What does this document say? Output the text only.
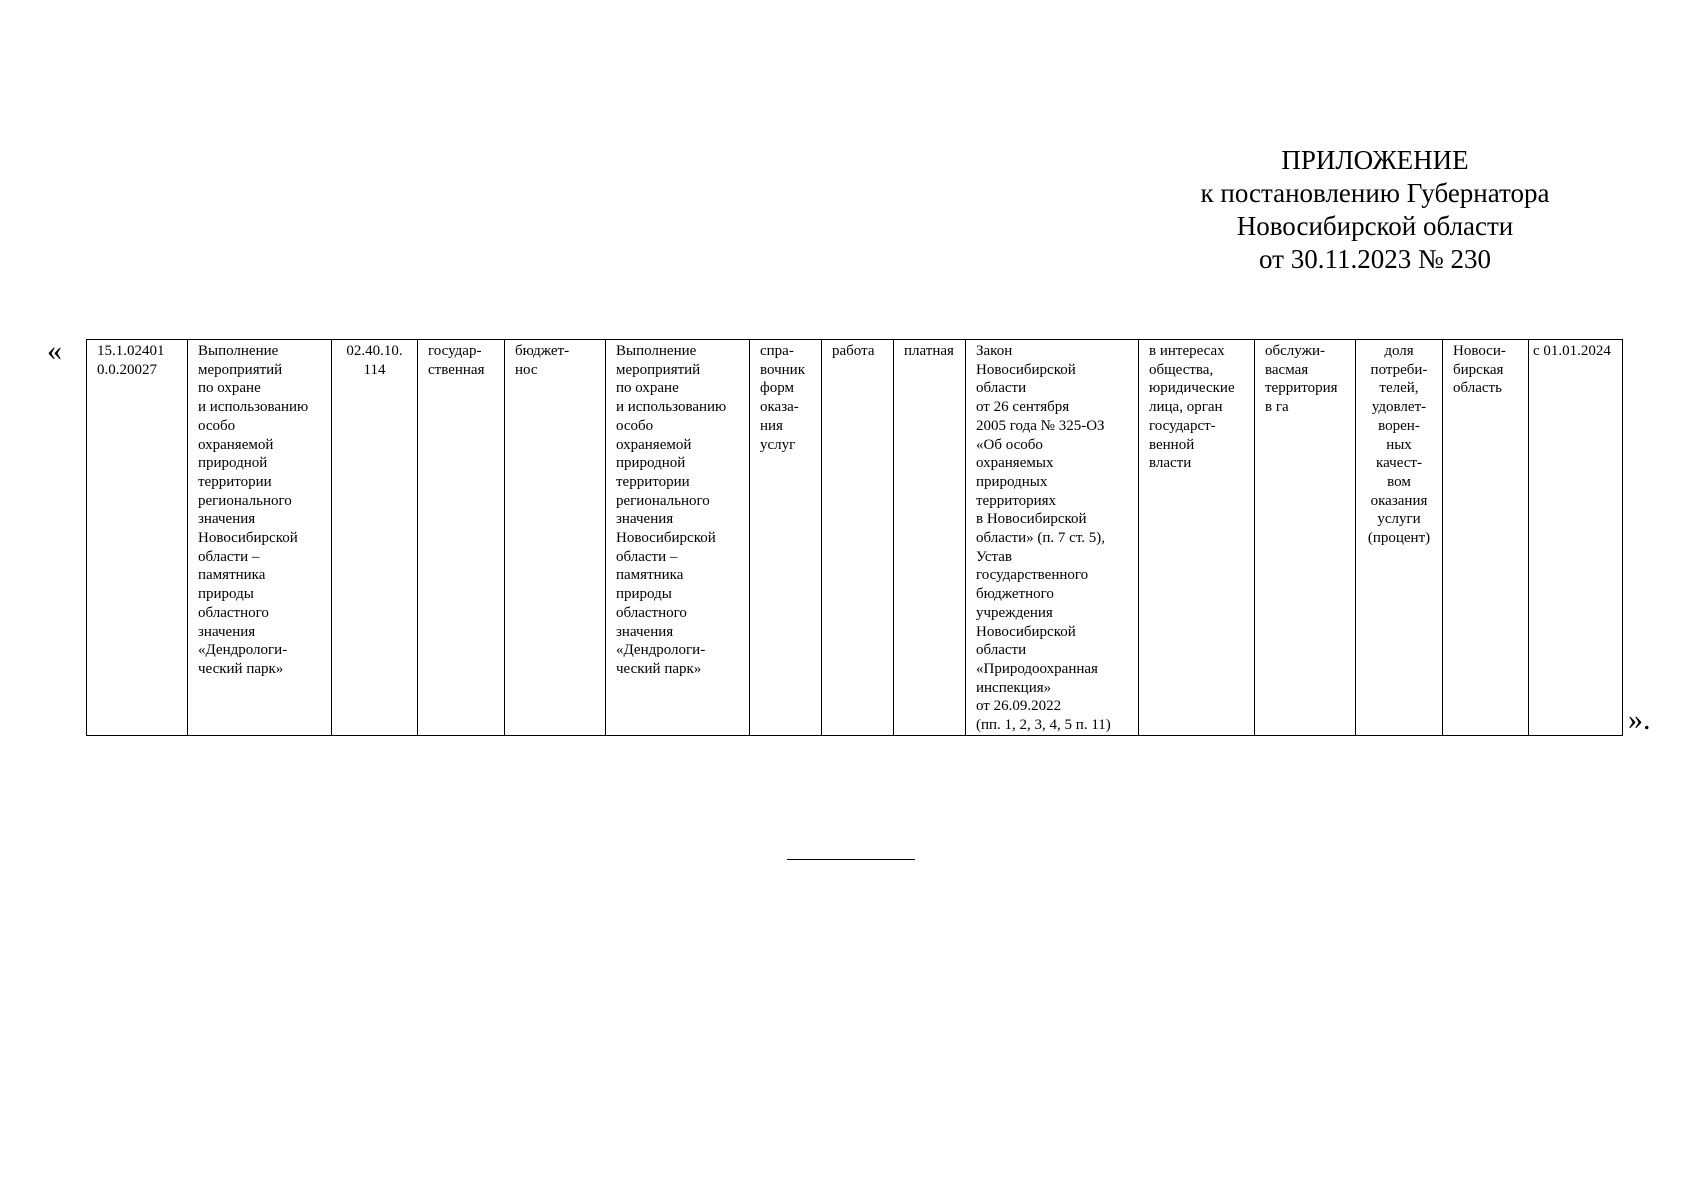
ПРИЛОЖЕНИЕ
к постановлению Губернатора
Новосибирской области
от 30.11.2023 № 230
« 15.1.02401
0.0.20027	Выполнение
мероприятий
по охране
и использованию
особо
охраняемой
природной
территории
регионального
значения
Новосибирской
области –
памятника
природы
областного
значения
«Дендрологи-
ческий парк»	02.40.10.
114	государ-
ственная	бюджет-
нос	Выполнение
мероприятий
по охране
и использованию
особо
охраняемой
природной
территории
регионального
значения
Новосибирской
области –
памятника
природы
областного
значения
«Дендрологи-
ческий парк»	спра-
вочник
форм
оказа-
ния
услуг	работа	платная	Закон
Новосибирской
области
от 26 сентября
2005 года № 325-ОЗ
«Об особо
охраняемых
природных
территориях
в Новосибирской
области» (п. 7 ст. 5),
Устав
государственного
бюджетного
учреждения
Новосибирской
области
«Природоохранная
инспекция»
от 26.09.2022
(пп. 1, 2, 3, 4, 5 п. 11)	в интересах
общества,
юридические
лица, орган
государст-
венной
власти	обслужи-
васмая
территория
в га	доля
потреби-
телей,
удовлет-
ворен-
ных
качест-
вом
оказания
услуги
(процент)	Новоси-
бирская
область	с 01.01.2024
».
